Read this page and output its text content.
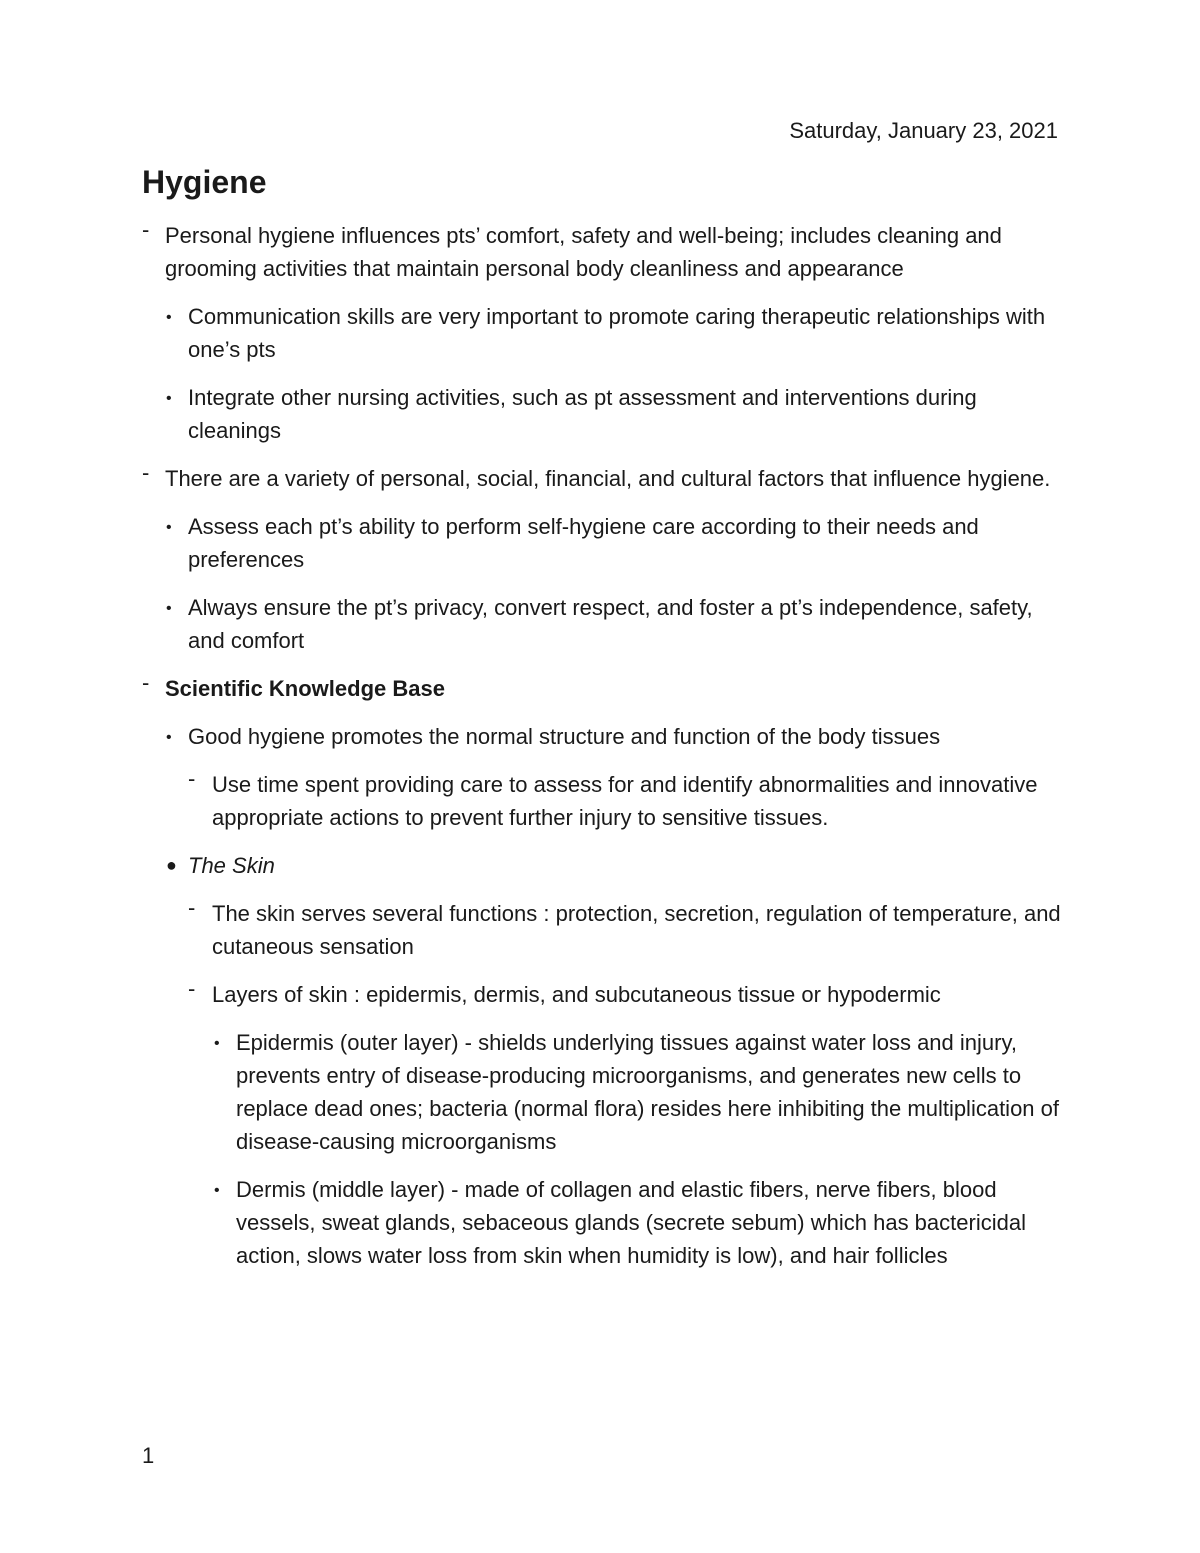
Saturday, January 23, 2021
Hygiene
- Personal hygiene influences pts’ comfort, safety and well-being; includes cleaning and grooming activities that maintain personal body cleanliness and appearance
• Communication skills are very important to promote caring therapeutic relationships with one’s pts
• Integrate other nursing activities, such as pt assessment and interventions during cleanings
- There are a variety of personal, social, financial, and cultural factors that influence hygiene.
• Assess each pt’s ability to perform self-hygiene care according to their needs and preferences
• Always ensure the pt’s privacy, convert respect, and foster a pt’s independence, safety, and comfort
- Scientific Knowledge Base
• Good hygiene promotes the normal structure and function of the body tissues
- Use time spent providing care to assess for and identify abnormalities and innovative appropriate actions to prevent further injury to sensitive tissues.
● The Skin
- The skin serves several functions : protection, secretion, regulation of temperature, and cutaneous sensation
- Layers of skin : epidermis, dermis, and subcutaneous tissue or hypodermic
• Epidermis (outer layer) - shields underlying tissues against water loss and injury, prevents entry of disease-producing microorganisms, and generates new cells to replace dead ones; bacteria (normal flora) resides here inhibiting the multiplication of disease-causing microorganisms
• Dermis (middle layer) - made of collagen and elastic fibers, nerve fibers, blood vessels, sweat glands, sebaceous glands (secrete sebum) which has bactericidal action, slows water loss from skin when humidity is low), and hair follicles
1
